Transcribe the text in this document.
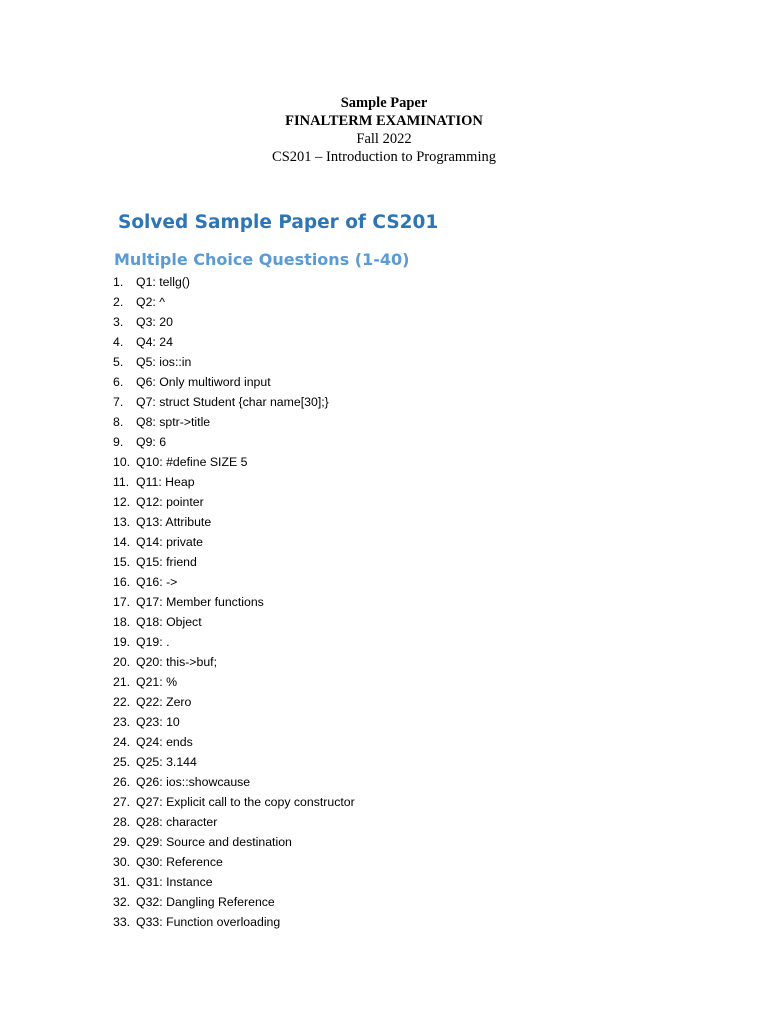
Sample Paper
FINALTERM EXAMINATION
Fall 2022
CS201 – Introduction to Programming
Solved Sample Paper of CS201
Multiple Choice Questions (1-40)
1. Q1: tellg()
2. Q2: ^
3. Q3: 20
4. Q4: 24
5. Q5: ios::in
6. Q6: Only multiword input
7. Q7: struct Student {char name[30];}
8. Q8: sptr->title
9. Q9: 6
10. Q10: #define SIZE 5
11. Q11: Heap
12. Q12: pointer
13. Q13: Attribute
14. Q14: private
15. Q15: friend
16. Q16: ->
17. Q17: Member functions
18. Q18: Object
19. Q19: .
20. Q20: this->buf;
21. Q21: %
22. Q22: Zero
23. Q23: 10
24. Q24: ends
25. Q25: 3.144
26. Q26: ios::showcause
27. Q27: Explicit call to the copy constructor
28. Q28: character
29. Q29: Source and destination
30. Q30: Reference
31. Q31: Instance
32. Q32: Dangling Reference
33. Q33: Function overloading
